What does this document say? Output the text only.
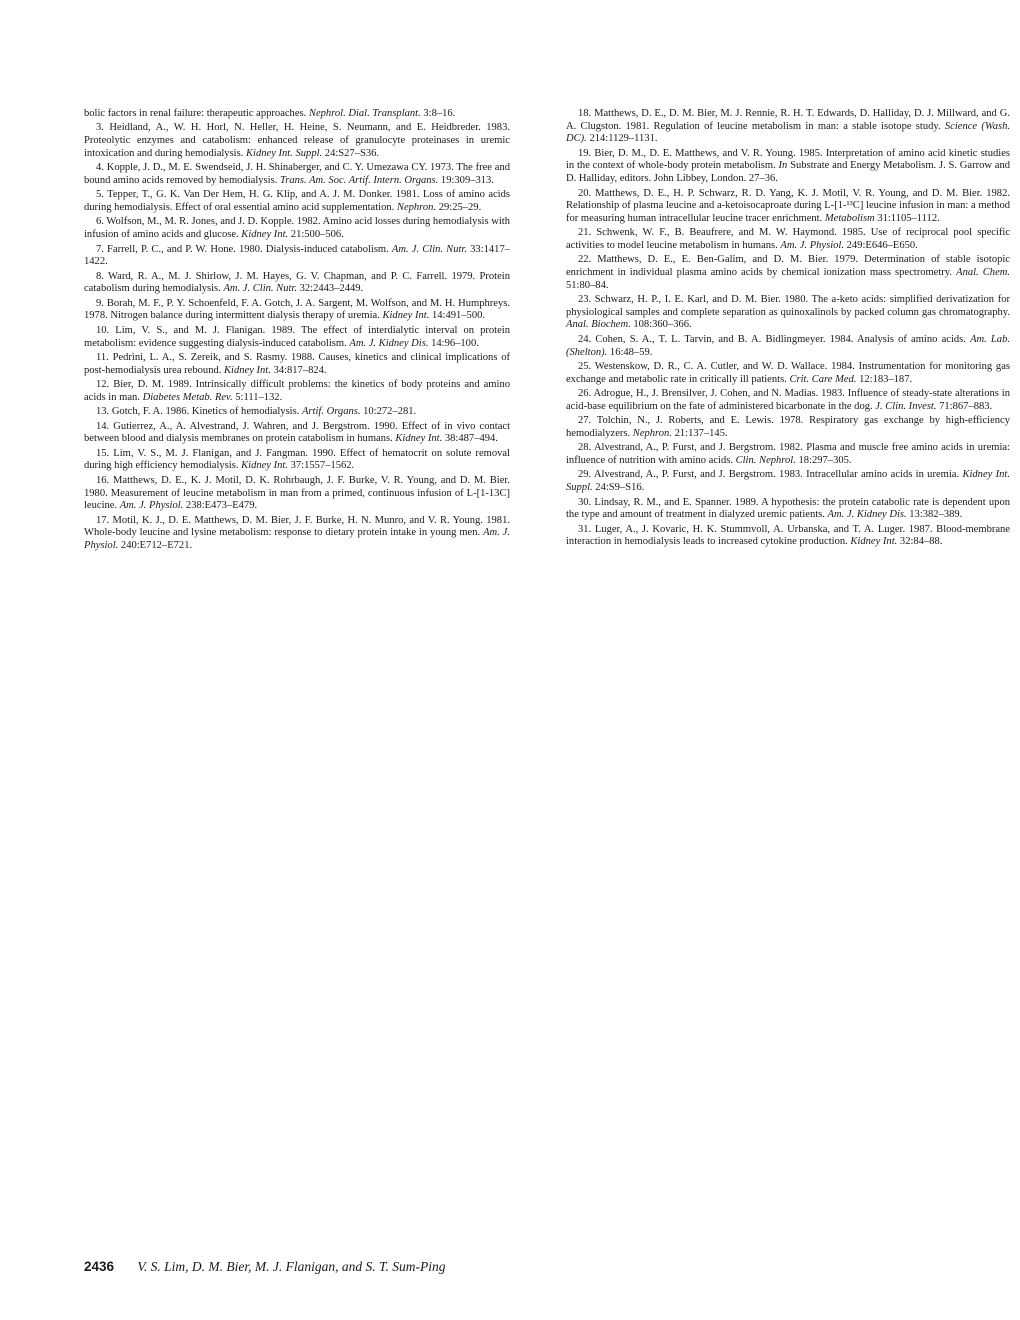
bolic factors in renal failure: therapeutic approaches. Nephrol. Dial. Transplant. 3:8–16.

3. Heidland, A., W. H. Horl, N. Heller, H. Heine, S. Neumann, and E. Heidbreder. 1983. Proteolytic enzymes and catabolism: enhanced release of granulocyte proteinases in uremic intoxication and during hemodialysis. Kidney Int. Suppl. 24:S27–S36.

4. Kopple, J. D., M. E. Swendseid, J. H. Shinaberger, and C. Y. Umezawa CY. 1973. The free and bound amino acids removed by hemodialysis. Trans. Am. Soc. Artif. Intern. Organs. 19:309–313.

5. Tepper, T., G. K. Van Der Hem, H. G. Klip, and A. J. M. Donker. 1981. Loss of amino acids during hemodialysis. Effect of oral essential amino acid supplementation. Nephron. 29:25–29.

6. Wolfson, M., M. R. Jones, and J. D. Kopple. 1982. Amino acid losses during hemodialysis with infusion of amino acids and glucose. Kidney Int. 21:500–506.

7. Farrell, P. C., and P. W. Hone. 1980. Dialysis-induced catabolism. Am. J. Clin. Nutr. 33:1417–1422.

8. Ward, R. A., M. J. Shirlow, J. M. Hayes, G. V. Chapman, and P. C. Farrell. 1979. Protein catabolism during hemodialysis. Am. J. Clin. Nutr. 32:2443–2449.

9. Borah, M. F., P. Y. Schoenfeld, F. A. Gotch, J. A. Sargent, M. Wolfson, and M. H. Humphreys. 1978. Nitrogen balance during intermittent dialysis therapy of uremia. Kidney Int. 14:491–500.

10. Lim, V. S., and M. J. Flanigan. 1989. The effect of interdialytic interval on protein metabolism: evidence suggesting dialysis-induced catabolism. Am. J. Kidney Dis. 14:96–100.

11. Pedrini, L. A., S. Zereik, and S. Rasmy. 1988. Causes, kinetics and clinical implications of post-hemodialysis urea rebound. Kidney Int. 34:817–824.

12. Bier, D. M. 1989. Intrinsically difficult problems: the kinetics of body proteins and amino acids in man. Diabetes Metab. Rev. 5:111–132.

13. Gotch, F. A. 1986. Kinetics of hemodialysis. Artif. Organs. 10:272–281.

14. Gutierrez, A., A. Alvestrand, J. Wahren, and J. Bergstrom. 1990. Effect of in vivo contact between blood and dialysis membranes on protein catabolism in humans. Kidney Int. 38:487–494.

15. Lim, V. S., M. J. Flanigan, and J. Fangman. 1990. Effect of hematocrit on solute removal during high efficiency hemodialysis. Kidney Int. 37:1557–1562.

16. Matthews, D. E., K. J. Motil, D. K. Rohrbaugh, J. F. Burke, V. R. Young, and D. M. Bier. 1980. Measurement of leucine metabolism in man from a primed, continuous infusion of L-[1-13C] leucine. Am. J. Physiol. 238:E473–E479.

17. Motil, K. J., D. E. Matthews, D. M. Bier, J. F. Burke, H. N. Munro, and V. R. Young. 1981. Whole-body leucine and lysine metabolism: response to dietary protein intake in young men. Am. J. Physiol. 240:E712–E721.

18. Matthews, D. E., D. M. Bier, M. J. Rennie, R. H. T. Edwards, D. Halliday, D. J. Millward, and G. A. Clugston. 1981. Regulation of leucine metabolism in man: a stable isotope study. Science (Wash. DC). 214:1129–1131.

19. Bier, D. M., D. E. Matthews, and V. R. Young. 1985. Interpretation of amino acid kinetic studies in the context of whole-body protein metabolism. In Substrate and Energy Metabolism. J. S. Garrow and D. Halliday, editors. John Libbey, London. 27–36.

20. Matthews, D. E., H. P. Schwarz, R. D. Yang, K. J. Motil, V. R. Young, and D. M. Bier. 1982. Relationship of plasma leucine and a-ketoisocaproate during L-[1-¹³C] leucine infusion in man: a method for measuring human intracellular leucine tracer enrichment. Metabolism 31:1105–1112.

21. Schwenk, W. F., B. Beaufrere, and M. W. Haymond. 1985. Use of reciprocal pool specific activities to model leucine metabolism in humans. Am. J. Physiol. 249:E646–E650.

22. Matthews, D. E., E. Ben-Galim, and D. M. Bier. 1979. Determination of stable isotopic enrichment in individual plasma amino acids by chemical ionization mass spectrometry. Anal. Chem. 51:80–84.

23. Schwarz, H. P., I. E. Karl, and D. M. Bier. 1980. The a-keto acids: simplified derivatization for physiological samples and complete separation as quinoxalinols by packed column gas chromatography. Anal. Biochem. 108:360–366.

24. Cohen, S. A., T. L. Tarvin, and B. A. Bidlingmeyer. 1984. Analysis of amino acids. Am. Lab. (Shelton). 16:48–59.

25. Westenskow, D. R., C. A. Cutler, and W. D. Wallace. 1984. Instrumentation for monitoring gas exchange and metabolic rate in critically ill patients. Crit. Care Med. 12:183–187.

26. Adrogue, H., J. Brensilver, J. Cohen, and N. Madias. 1983. Influence of steady-state alterations in acid-base equilibrium on the fate of administered bicarbonate in the dog. J. Clin. Invest. 71:867–883.

27. Tolchin, N., J. Roberts, and E. Lewis. 1978. Respiratory gas exchange by high-efficiency hemodialyzers. Nephron. 21:137–145.

28. Alvestrand, A., P. Furst, and J. Bergstrom. 1982. Plasma and muscle free amino acids in uremia: influence of nutrition with amino acids. Clin. Nephrol. 18:297–305.

29. Alvestrand, A., P. Furst, and J. Bergstrom. 1983. Intracellular amino acids in uremia. Kidney Int. Suppl. 24:S9–S16.

30. Lindsay, R. M., and E. Spanner. 1989. A hypothesis: the protein catabolic rate is dependent upon the type and amount of treatment in dialyzed uremic patients. Am. J. Kidney Dis. 13:382–389.

31. Luger, A., J. Kovaric, H. K. Stummvoll, A. Urbanska, and T. A. Luger. 1987. Blood-membrane interaction in hemodialysis leads to increased cytokine production. Kidney Int. 32:84–88.

2436 V. S. Lim, D. M. Bier, M. J. Flanigan, and S. T. Sum-Ping
